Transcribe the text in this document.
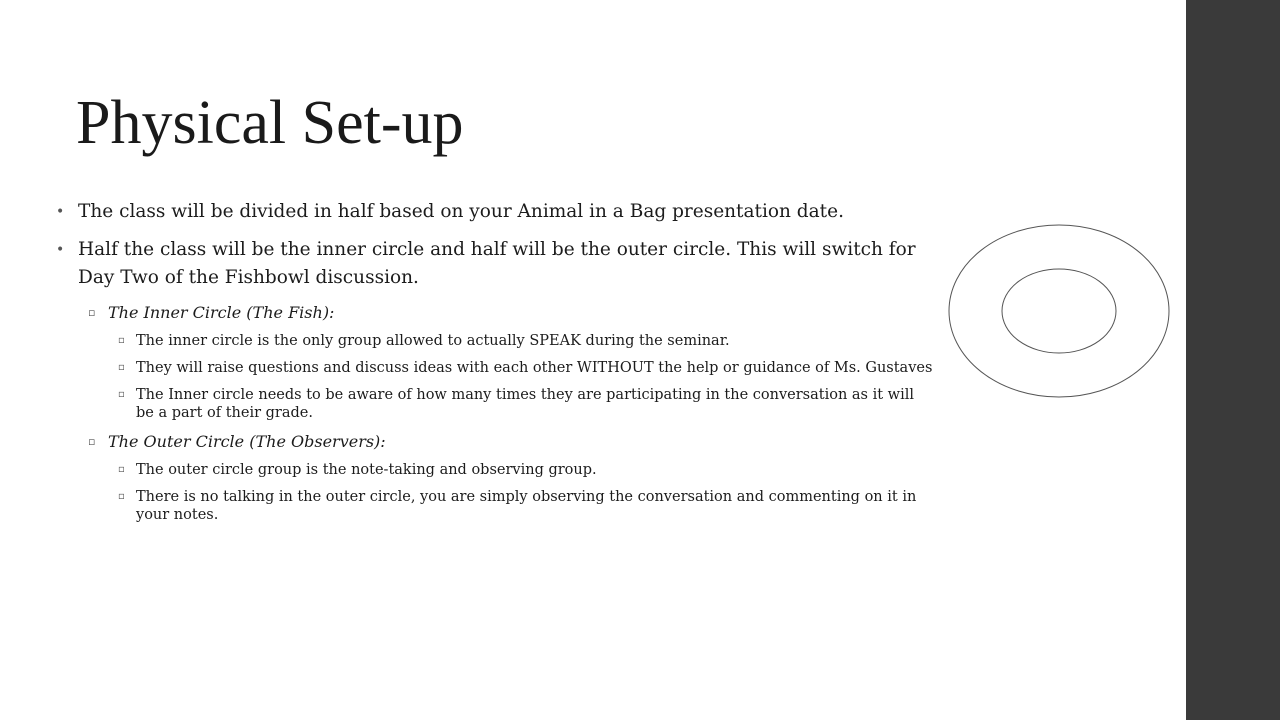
Physical Set-up
• The class will be divided in half based on your Animal in a Bag presentation date.
• Half the class will be the inner circle and half will be the outer circle. This will switch for Day Two of the Fishbowl discussion.
▫ The Inner Circle (The Fish):
▫ The inner circle is the only group allowed to actually SPEAK during the seminar.
▫ They will raise questions and discuss ideas with each other WITHOUT the help or guidance of Ms. Gustaves
▫ The Inner circle needs to be aware of how many times they are participating in the conversation as it will be a part of their grade.
▫ The Outer Circle (The Observers):
▫ The outer circle group is the note-taking and observing group.
▫ There is no talking in the outer circle, you are simply observing the conversation and commenting on it in your notes.
